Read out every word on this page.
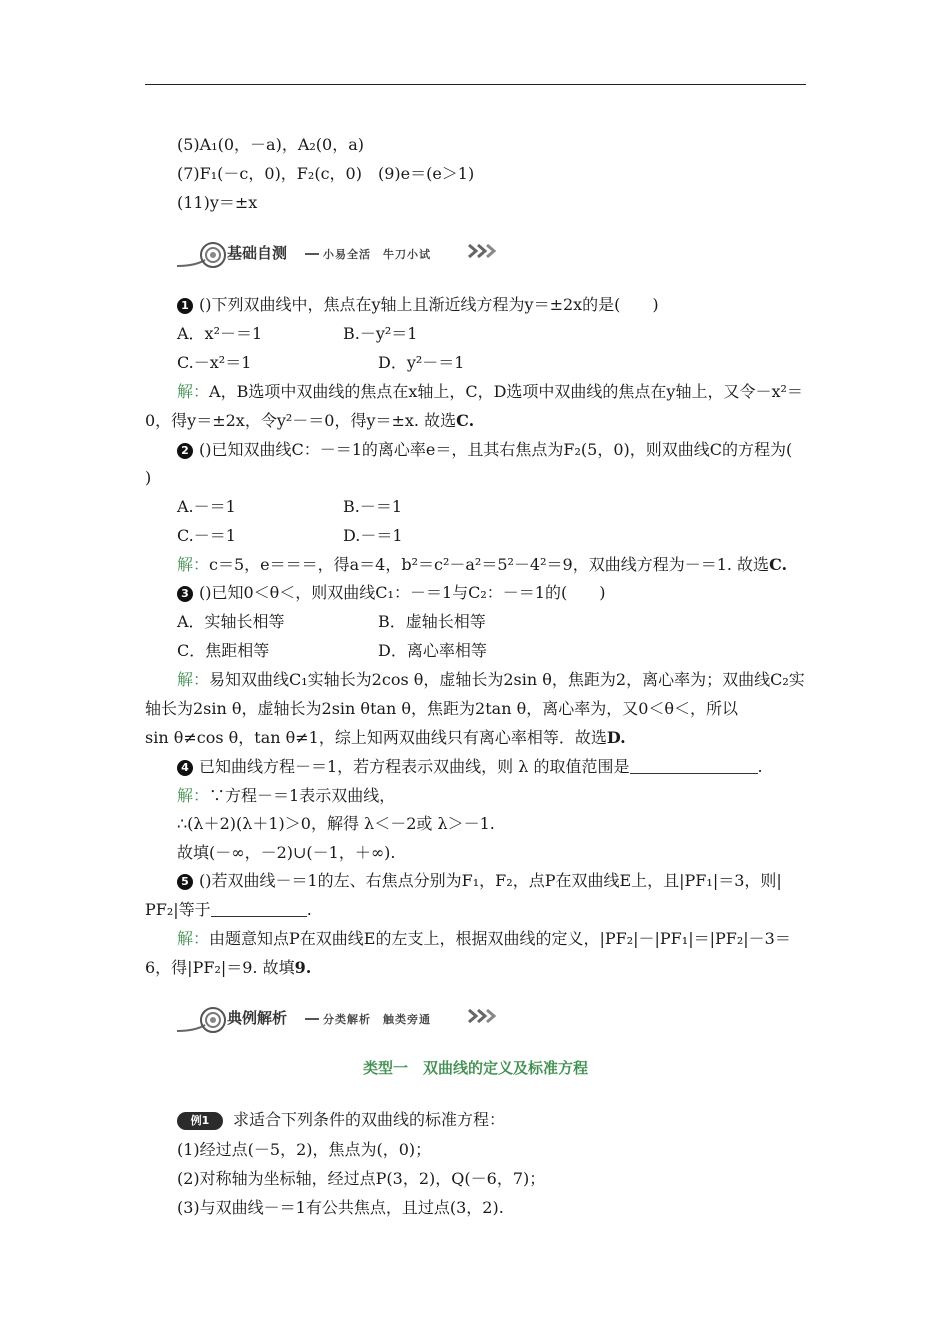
(5)A₁(0，－a)，A₂(0，a)
(7)F₁(－c，0)，F₂(c，0)　(9)e＝(e＞1)
(11)y＝±x
基础自测	小易全活　牛刀小试
1 ()下列双曲线中，焦点在y轴上且渐近线方程为y＝±2x的是(　　)
A．x²－＝1	B.－y²＝1
C.－x²＝1	D．y²－＝1
解：A，B选项中双曲线的焦点在x轴上，C，D选项中双曲线的焦点在y轴上，又令－x²＝
0，得y＝±2x，令y²－＝0，得y＝±x. 故选C.
2 ()已知双曲线C：－＝1的离心率e＝，且其右焦点为F₂(5，0)，则双曲线C的方程为(
)
A.－＝1	B.－＝1
C.－＝1	D.－＝1
解：c＝5，e＝＝＝，得a＝4，b²＝c²－a²＝5²－4²＝9，双曲线方程为－＝1. 故选C.
3 ()已知0＜θ＜，则双曲线C₁：－＝1与C₂：－＝1的(　　)
A．实轴长相等	B．虚轴长相等
C．焦距相等	D．离心率相等
解：易知双曲线C₁实轴长为2cos θ，虚轴长为2sin θ，焦距为2，离心率为；双曲线C₂实
轴长为2sin θ，虚轴长为2sin θtan θ，焦距为2tan θ，离心率为，又0＜θ＜，所以
sin θ≠cos θ，tan θ≠1，综上知两双曲线只有离心率相等．故选D.
4 已知曲线方程－＝1，若方程表示双曲线，则 λ 的取值范围是	.
解：∵方程－＝1表示双曲线，
∴(λ＋2)(λ＋1)＞0，解得 λ＜－2或 λ＞－1.
故填(－∞，－2)∪(－1，＋∞).
5 ()若双曲线－＝1的左、右焦点分别为F₁，F₂，点P在双曲线E上，且|PF₁|＝3，则|
PF₂|等于	.
解：由题意知点P在双曲线E的左支上，根据双曲线的定义，|PF₂|－|PF₁|＝|PF₂|－3＝
6，得|PF₂|＝9. 故填9.
典例解析	分类解析　触类旁通
类型一　双曲线的定义及标准方程
例1 求适合下列条件的双曲线的标准方程：
(1)经过点(－5，2)，焦点为(，0)；
(2)对称轴为坐标轴，经过点P(3，2)，Q(－6，7)；
(3)与双曲线－＝1有公共焦点，且过点(3，2).
